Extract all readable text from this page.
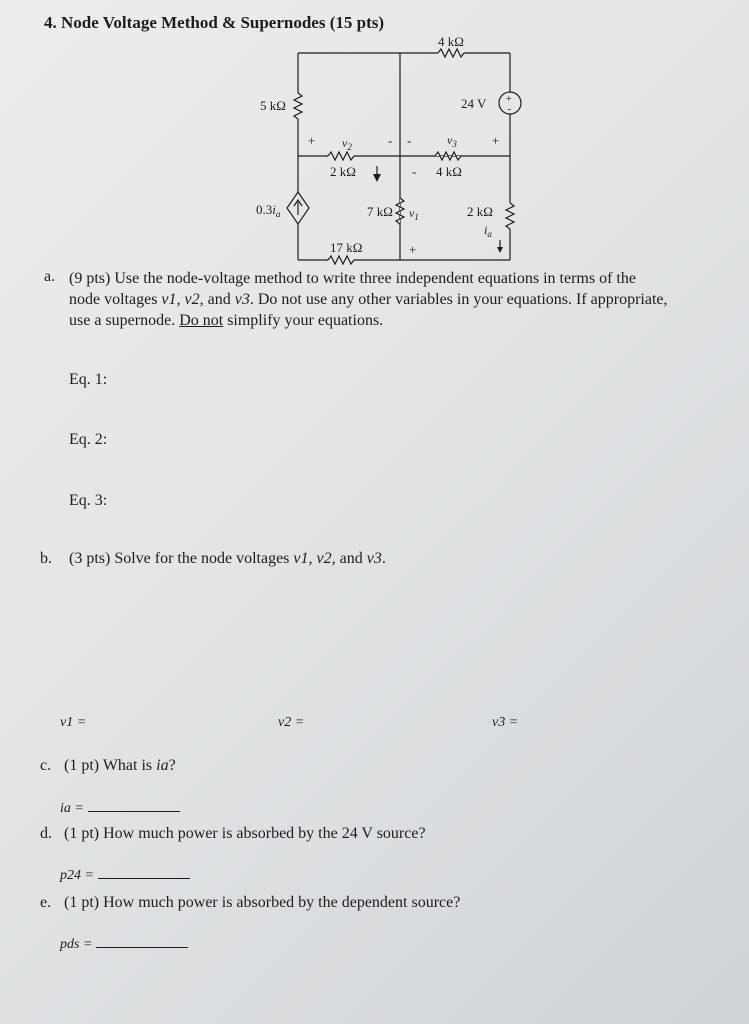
4. Node Voltage Method & Supernodes (15 pts)
+
-
4 kΩ
5 kΩ	24 V
+ $v_2$	- -	$v_3$	+
2 kΩ	- 4 kΩ
$0.3i_a$	7 kΩ $v_1$	2 kΩ
$i_a$
17 kΩ	+
a. (9 pts) Use the node-voltage method to write three independent equations in terms of the
node voltages v1, v2, and v3. Do not use any other variables in your equations. If appropriate,
use a supernode. Do not simplify your equations.
Eq. 1:
Eq. 2:
Eq. 3:
b. (3 pts) Solve for the node voltages v1, v2, and v3.
v1 =	v2 =	v3 =
c. (1 pt) What is ia?
ia =
d. (1 pt) How much power is absorbed by the 24 V source?
p24 =
e. (1 pt) How much power is absorbed by the dependent source?
pds =
